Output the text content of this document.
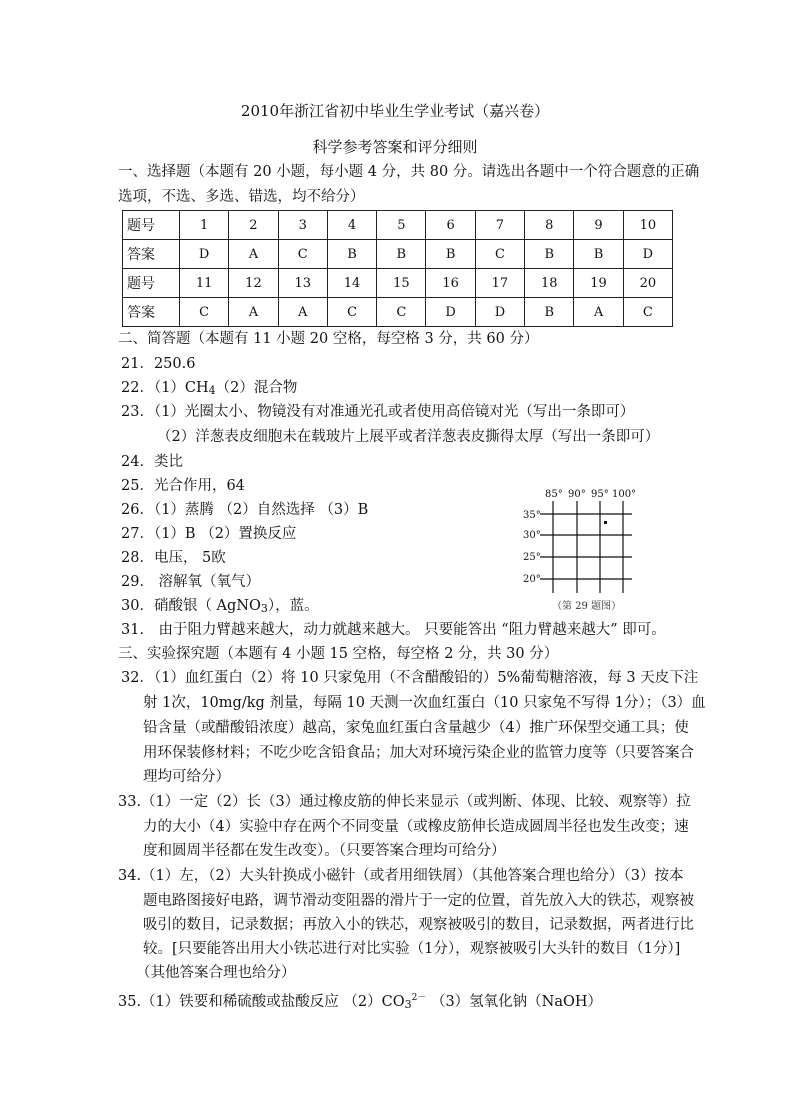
2010年浙江省初中毕业生学业考试（嘉兴卷）
科学参考答案和评分细则
一、选择题（本题有 20 小题，每小题 4 分，共 80 分。请选出各题中一个符合题意的正确
选项，不选、多选、错选，均不给分）
题号	1	2	3	4	5	6	7	8	9	10
答案	D	A	C	B	B	B	C	B	B	D
题号	11	12	13	14	15	16	17	18	19	20
答案	C	A	A	C	C	D	D	B	A	C
二、简答题（本题有 11 小题 20 空格，每空格 3 分，共 60 分）
21．250.6
22．（1）CH4（2）混合物
23．（1）光圈太小、物镜没有对准通光孔或者使用高倍镜对光（写出一条即可）
（2）洋葱表皮细胞未在载玻片上展平或者洋葱表皮撕得太厚（写出一条即可）
24．类比
25．光合作用，64
26．（1）蒸腾 （2）自然选择 （3）B
27．（1）B （2）置换反应
28．电压， 5欧
29． 溶解氧（氧气）
30．硝酸银（ AgNO3），蓝。
31． 由于阻力臂越来越大，动力就越来越大。 只要能答出 “阻力臂越来越大” 即可。
85° 90° 95° 100°
35°
30°
25°
20°
（第 29 题图）
三、实验探究题（本题有 4 小题 15 空格，每空格 2 分，共 30 分）
32．（1）血红蛋白（2）将 10 只家兔用（不含醋酸铅的）5%葡萄糖溶液，每 3 天皮下注
射 1次，10mg/kg 剂量，每隔 10 天测一次血红蛋白（10 只家兔不写得 1分）；（3）血
铅含量（或醋酸铅浓度）越高，家兔血红蛋白含量越少（4）推广环保型交通工具；使
用环保装修材料；不吃少吃含铅食品；加大对环境污染企业的监管力度等（只要答案合
理均可给分）
33.（1）一定（2）长（3）通过橡皮筋的伸长来显示（或判断、体现、比较、观察等）拉
力的大小（4）实验中存在两个不同变量（或橡皮筋伸长造成圆周半径也发生改变；速
度和圆周半径都在发生改变）。（只要答案合理均可给分）
34.（1）左，（2）大头针换成小磁针（或者用细铁屑）（其他答案合理也给分）（3）按本
题电路图接好电路，调节滑动变阻器的滑片于一定的位置，首先放入大的铁芯，观察被
吸引的数目，记录数据；再放入小的铁芯，观察被吸引的数目，记录数据，两者进行比
较。[只要能答出用大小铁芯进行对比实验（1分），观察被吸引大头针的数目（1分）]
（其他答案合理也给分）
35.（1）铁要和稀硫酸或盐酸反应 $(2)CO3^{2-}$ （3）氢氧化钠（NaOH）
